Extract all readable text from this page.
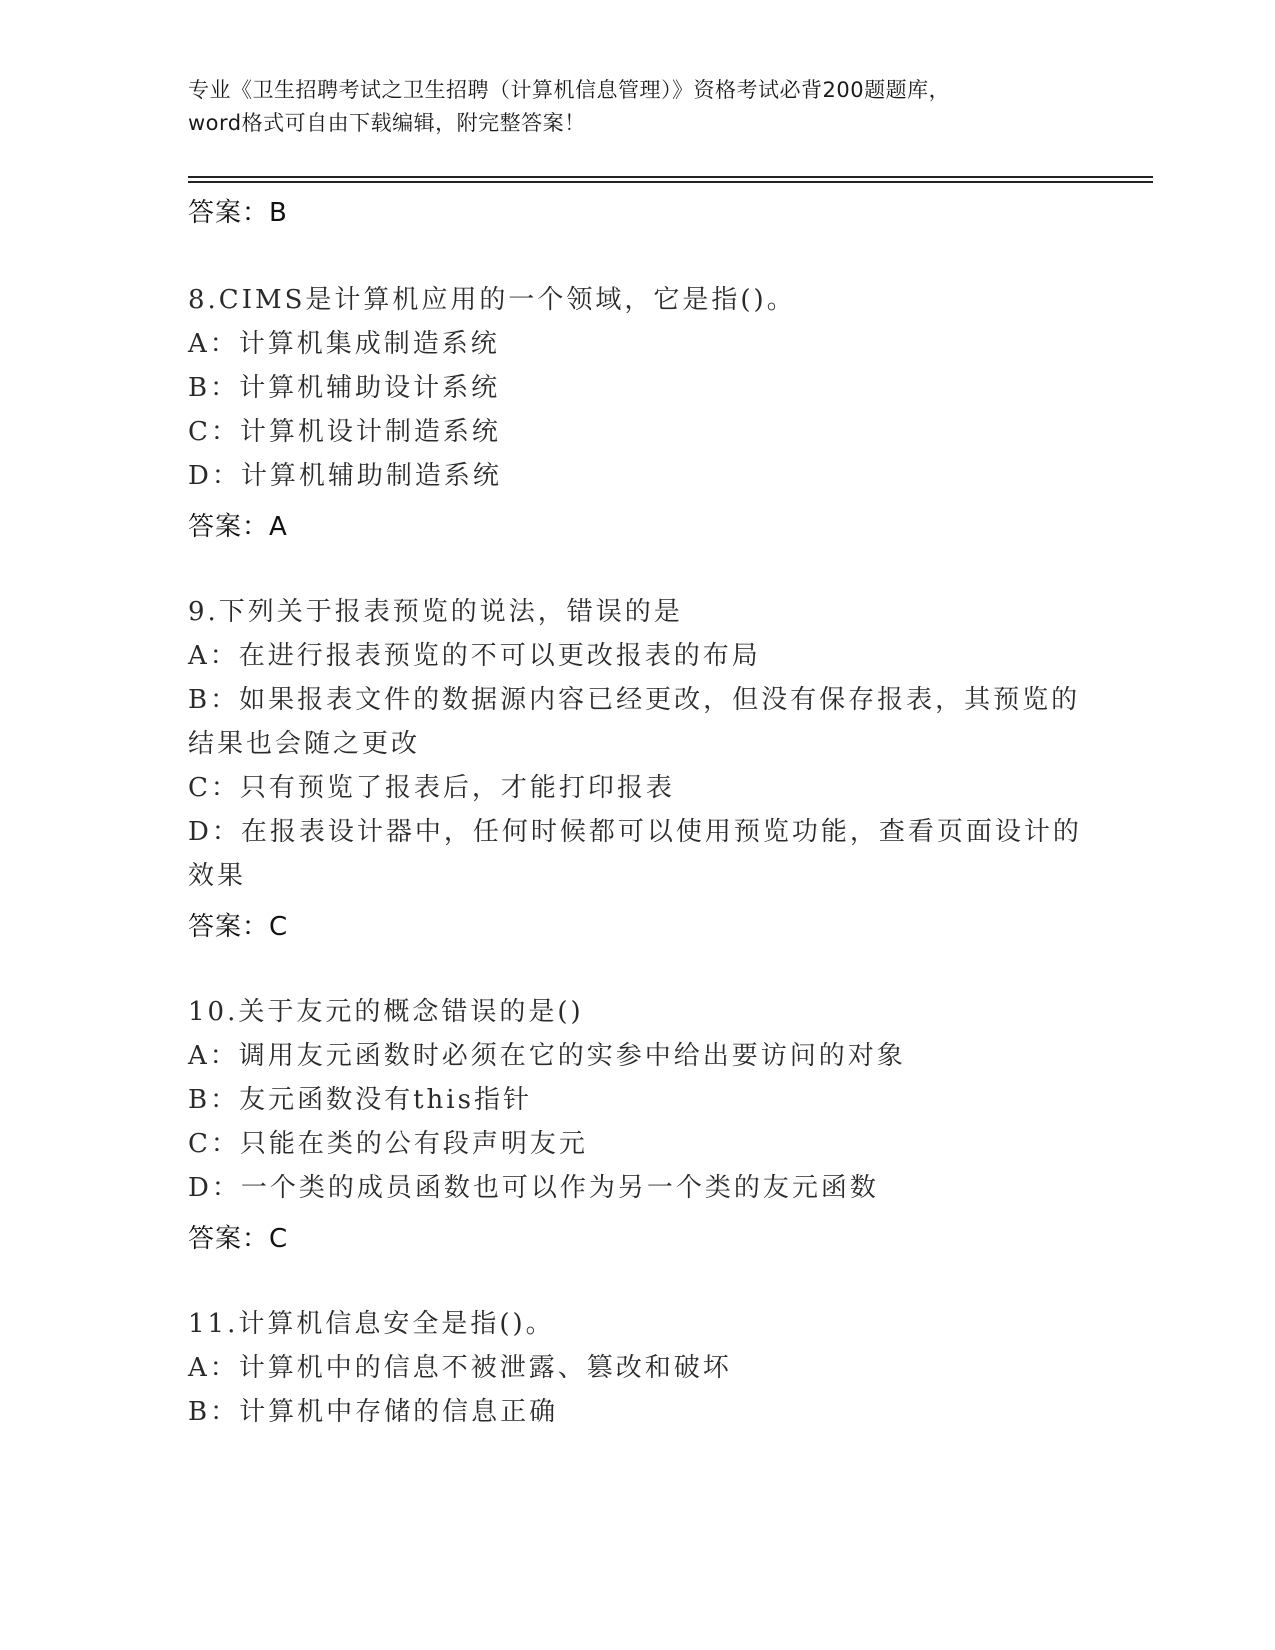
专业《卫生招聘考试之卫生招聘（计算机信息管理）》资格考试必背200题题库，
word格式可自由下载编辑，附完整答案！
答案：B
8.CIMS是计算机应用的一个领域，它是指()。
A：计算机集成制造系统
B：计算机辅助设计系统
C：计算机设计制造系统
D：计算机辅助制造系统
答案：A
9.下列关于报表预览的说法，错误的是
A：在进行报表预览的不可以更改报表的布局
B：如果报表文件的数据源内容已经更改，但没有保存报表，其预览的
结果也会随之更改
C：只有预览了报表后，才能打印报表
D：在报表设计器中，任何时候都可以使用预览功能，查看页面设计的
效果
答案：C
10.关于友元的概念错误的是()
A：调用友元函数时必须在它的实参中给出要访问的对象
B：友元函数没有this指针
C：只能在类的公有段声明友元
D：一个类的成员函数也可以作为另一个类的友元函数
答案：C
11.计算机信息安全是指()。
A：计算机中的信息不被泄露、篡改和破坏
B：计算机中存储的信息正确
